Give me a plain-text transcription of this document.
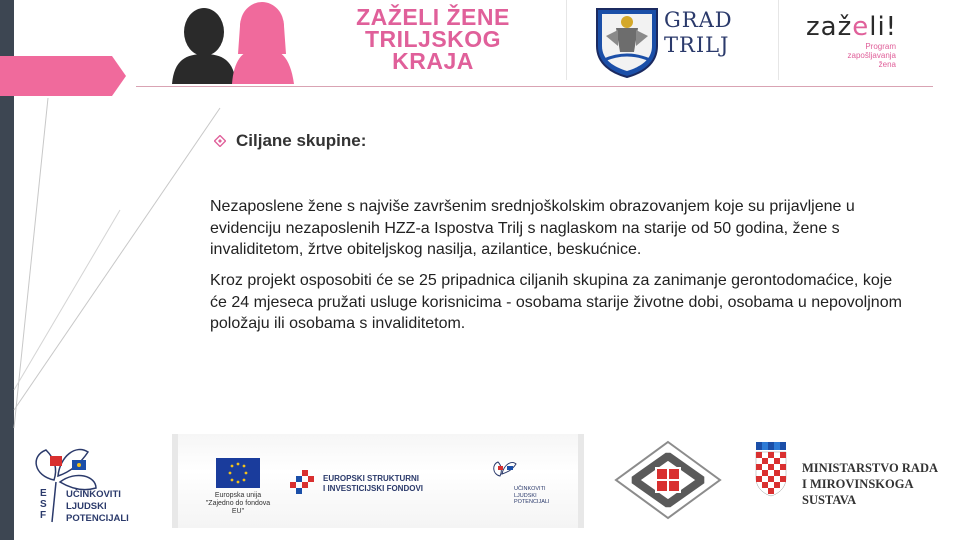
ZAŽELI ŽENE
TRILJSKOG
KRAJA
GRAD
TRILJ
zaželi!
Program
zapošljavanja
žena
Ciljane skupine:
Nezaposlene žene s najviše završenim srednjoškolskim obrazovanjem koje su prijavljene u evidenciju nezaposlenih HZZ-a Ispostva Trilj s naglaskom na starije od 50 godina, žene s invaliditetom, žrtve obiteljskog nasilja, azilantice, beskućnice.
Kroz projekt osposobiti će se 25 pripadnica ciljanih skupina za zanimanje gerontodomaćice, koje će 24 mjeseca pružati usluge korisnicima - osobama starije životne dobi, osobama u nepovoljnom položaju ili osobama s invaliditetom.
E
S
F
UČINKOVITI
LJUDSKI
POTENCIJALI
Europska unija
"Zajedno do fondova EU"
EUROPSKI STRUKTURNI
I INVESTICIJSKI FONDOVI	UČINKOVITI
LJUDSKI
POTENCIJALI
MINISTARSTVO RADA
I MIROVINSKOGA SUSTAVA
